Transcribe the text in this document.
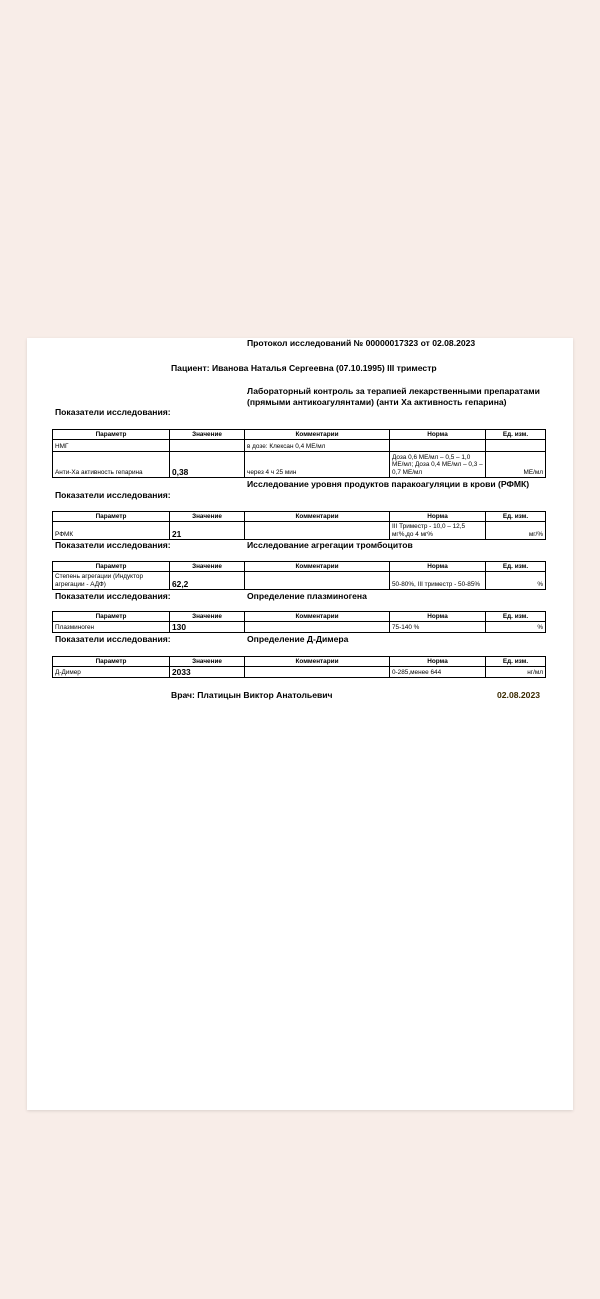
Протокол исследований № 00000017323 от 02.08.2023
Пациент: Иванова Наталья Сергеевна (07.10.1995) III триместр
Показатели исследования:
Лабораторный контроль за терапией лекарственными препаратами (прямыми антикоагулянтами) (анти Ха активность гепарина)
Параметр	Значение	Комментарии	Норма	Ед. изм.
НМГ		в дозе: Клексан 0,4 МЕ/мл		
Анти-Ха активность гепарина	0,38	через 4 ч 25 мин	Доза 0,6 МЕ/мл – 0,5 – 1,0 МЕ/мл; Доза 0,4 МЕ/мл – 0,3 – 0,7 МЕ/мл	МЕ/мл
Показатели исследования:
Исследование уровня продуктов паракоагуляции в крови (РФМК)
Параметр	Значение	Комментарии	Норма	Ед. изм.
РФМК	21		III Триместр - 10,0 – 12,5 мг%,до 4 мг%	мг/%
Показатели исследования:	Исследование агрегации тромбоцитов
Параметр	Значение	Комментарии	Норма	Ед. изм.
Степень агрегации (Индуктор агрегации - АДФ)	62,2		50-80%, III триместр - 50-85%	%
Показатели исследования:	Определение плазминогена
Параметр	Значение	Комментарии	Норма	Ед. изм.
Плазминоген	130		75-140 %	%
Показатели исследования:	Определение Д-Димера
Параметр	Значение	Комментарии	Норма	Ед. изм.
Д-Димер	2033		0-285,менее 644	нг/мл
Врач: Платицын Виктор Анатольевич	02.08.2023
